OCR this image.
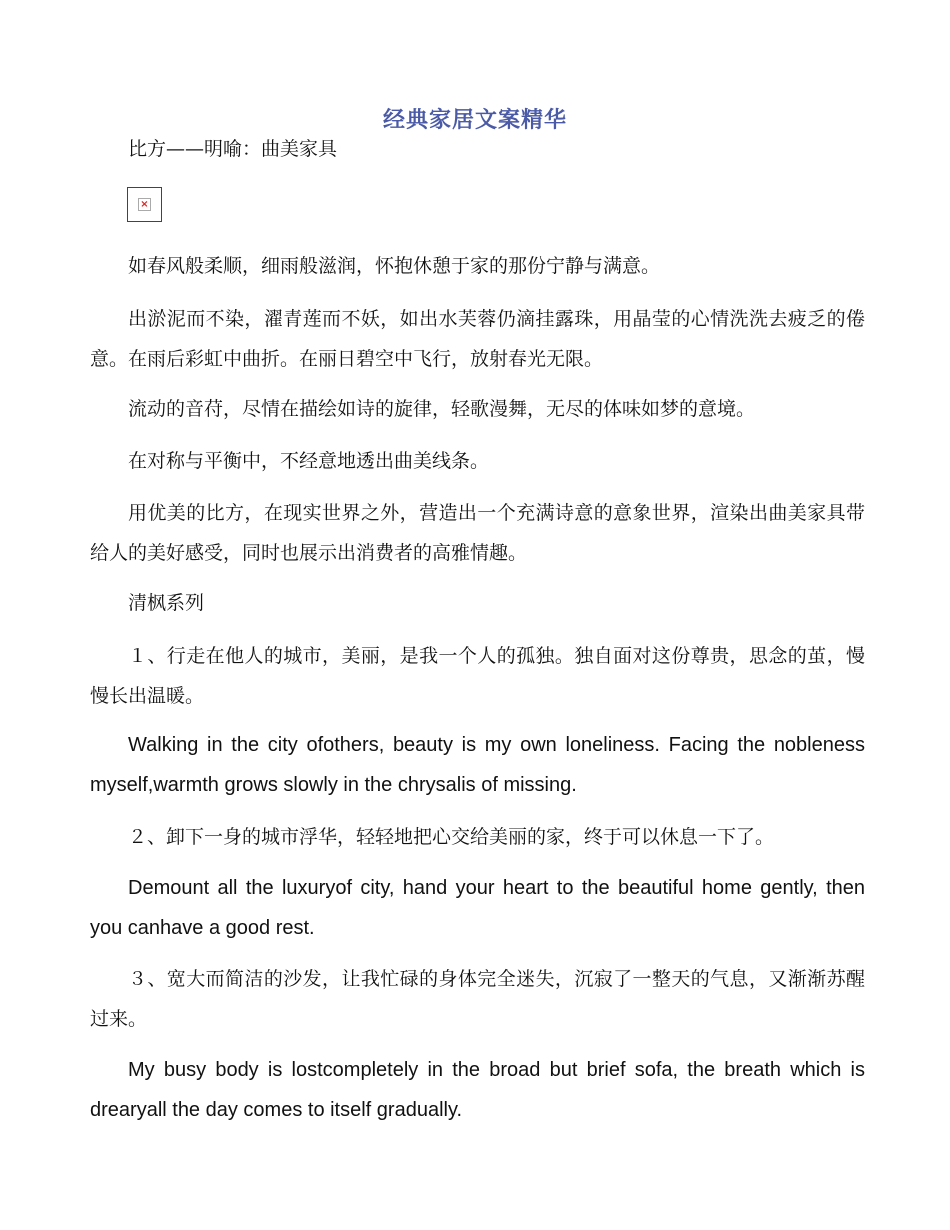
经典家居文案精华
比方——明喻：曲美家具
×

如春风般柔顺，细雨般滋润，怀抱休憩于家的那份宁静与满意。

出淤泥而不染，濯青莲而不妖，如出水芙蓉仍滴挂露珠，用晶莹的心情洗洗去疲乏的倦意。在雨后彩虹中曲折。在丽日碧空中飞行，放射春光无限。

流动的音苻，尽情在描绘如诗的旋律，轻歌漫舞，无尽的体味如梦的意境。

在对称与平衡中，不经意地透出曲美线条。

用优美的比方，在现实世界之外，营造出一个充满诗意的意象世界，渲染出曲美家具带给人的美好感受，同时也展示出消费者的高雅情趣。

清枫系列

１、行走在他人的城市，美丽，是我一个人的孤独。独自面对这份尊贵，思念的茧，慢慢长出温暖。

Walking in the city ofothers, beauty is my own loneliness. Facing the nobleness myself,warmth grows slowly in the chrysalis of missing.

２、卸下一身的城市浮华，轻轻地把心交给美丽的家，终于可以休息一下了。

Demount all the luxuryof city, hand your heart to the beautiful home gently, then you canhave a good rest.

３、宽大而简洁的沙发，让我忙碌的身体完全迷失，沉寂了一整天的气息，又渐渐苏醒过来。

My busy body is lostcompletely in the broad but brief sofa, the breath which is drearyall the day comes to itself gradually.
